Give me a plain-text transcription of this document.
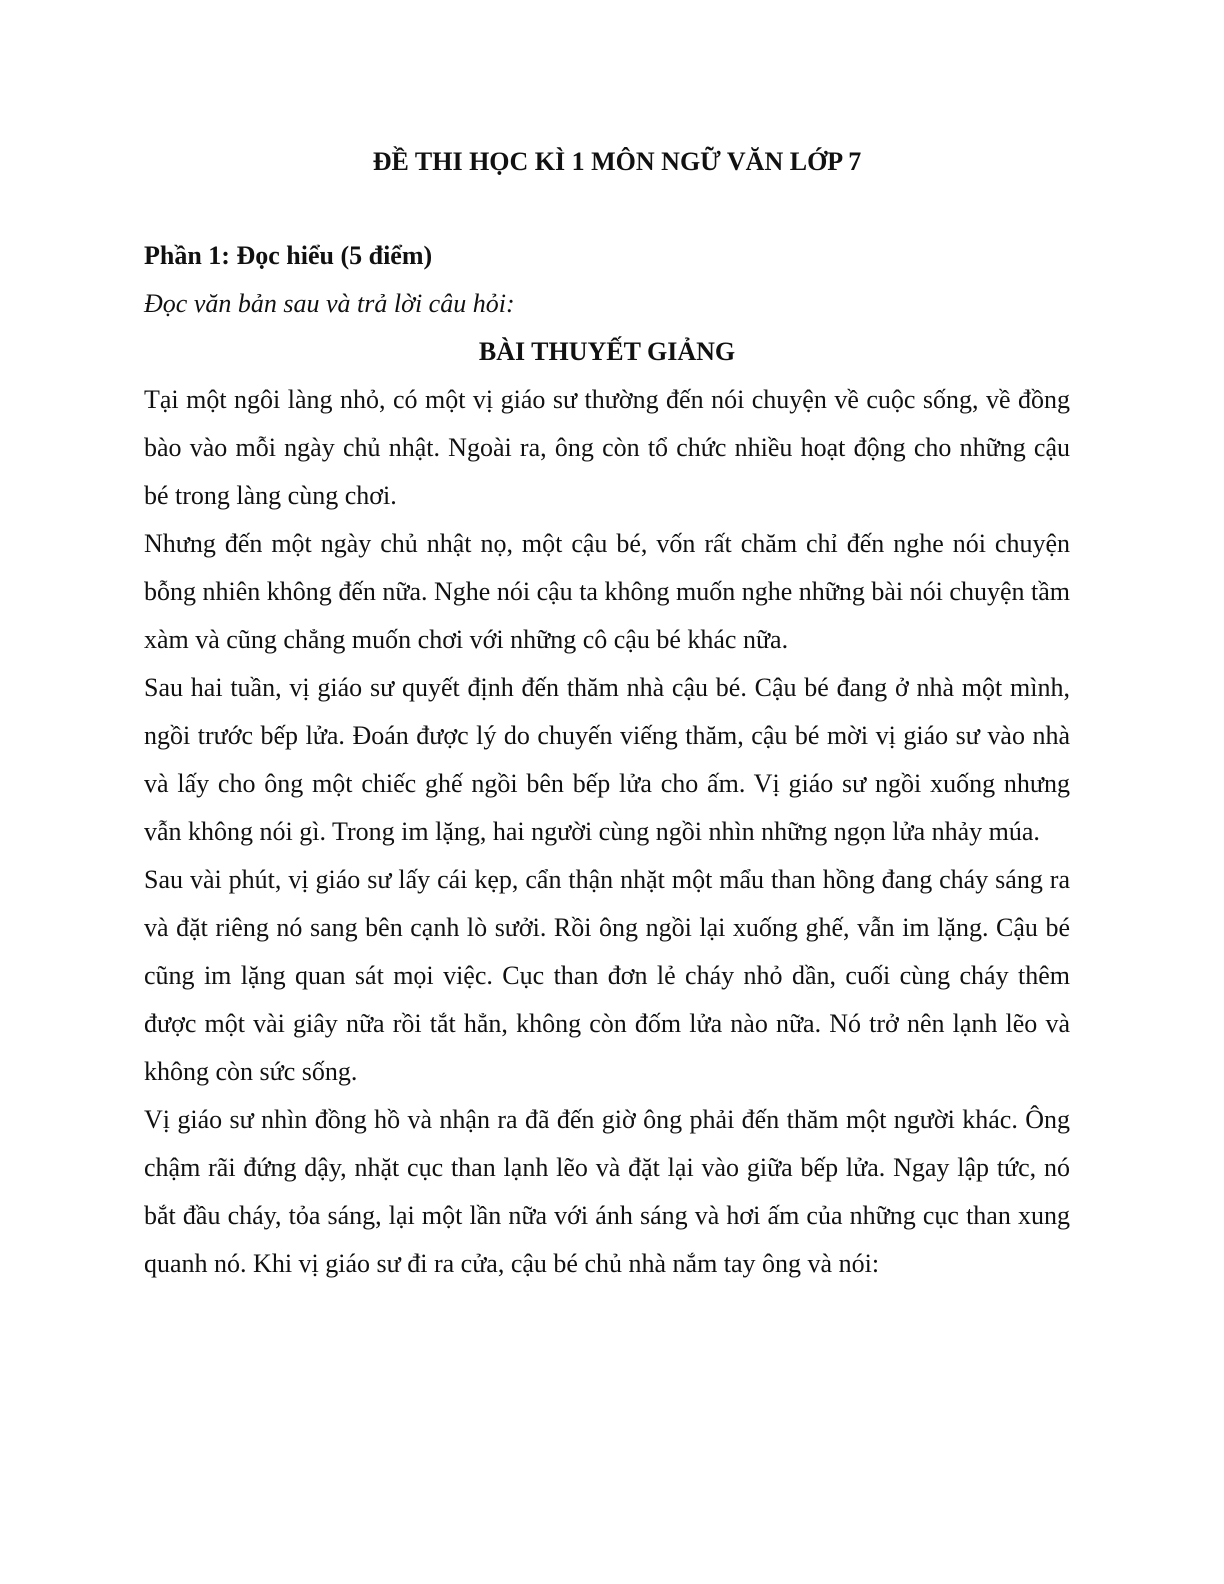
ĐỀ THI HỌC KÌ 1 MÔN NGỮ VĂN LỚP 7
Phần 1: Đọc hiểu (5 điểm)

Đọc văn bản sau và trả lời câu hỏi:

BÀI THUYẾT GIẢNG

Tại một ngôi làng nhỏ, có một vị giáo sư thường đến nói chuyện về cuộc sống, về đồng bào vào mỗi ngày chủ nhật. Ngoài ra, ông còn tổ chức nhiều hoạt động cho những cậu bé trong làng cùng chơi.

Nhưng đến một ngày chủ nhật nọ, một cậu bé, vốn rất chăm chỉ đến nghe nói chuyện bỗng nhiên không đến nữa. Nghe nói cậu ta không muốn nghe những bài nói chuyện tầm xàm và cũng chẳng muốn chơi với những cô cậu bé khác nữa.

Sau hai tuần, vị giáo sư quyết định đến thăm nhà cậu bé. Cậu bé đang ở nhà một mình, ngồi trước bếp lửa. Đoán được lý do chuyến viếng thăm, cậu bé mời vị giáo sư vào nhà và lấy cho ông một chiếc ghế ngồi bên bếp lửa cho ấm. Vị giáo sư ngồi xuống nhưng vẫn không nói gì. Trong im lặng, hai người cùng ngồi nhìn những ngọn lửa nhảy múa.

Sau vài phút, vị giáo sư lấy cái kẹp, cẩn thận nhặt một mẩu than hồng đang cháy sáng ra và đặt riêng nó sang bên cạnh lò sưởi. Rồi ông ngồi lại xuống ghế, vẫn im lặng. Cậu bé cũng im lặng quan sát mọi việc. Cục than đơn lẻ cháy nhỏ dần, cuối cùng cháy thêm được một vài giây nữa rồi tắt hẳn, không còn đốm lửa nào nữa. Nó trở nên lạnh lẽo và không còn sức sống.

Vị giáo sư nhìn đồng hồ và nhận ra đã đến giờ ông phải đến thăm một người khác. Ông chậm rãi đứng dậy, nhặt cục than lạnh lẽo và đặt lại vào giữa bếp lửa. Ngay lập tức, nó bắt đầu cháy, tỏa sáng, lại một lần nữa với ánh sáng và hơi ấm của những cục than xung quanh nó. Khi vị giáo sư đi ra cửa, cậu bé chủ nhà nắm tay ông và nói:
